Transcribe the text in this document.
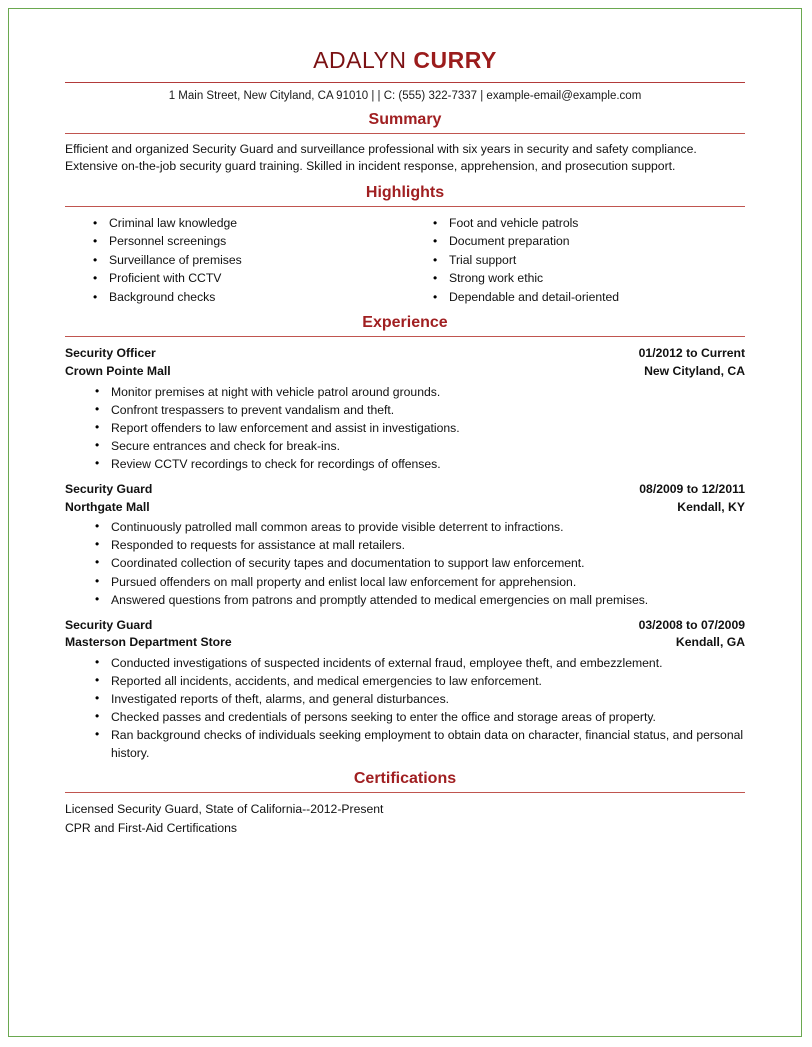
ADALYN CURRY
1 Main Street, New Cityland, CA 91010 | | C: (555) 322-7337 | example-email@example.com
Summary
Efficient and organized Security Guard and surveillance professional with six years in security and safety compliance. Extensive on-the-job security guard training. Skilled in incident response, apprehension, and prosecution support.
Highlights
• Criminal law knowledge
• Personnel screenings
• Surveillance of premises
• Proficient with CCTV
• Background checks
• Foot and vehicle patrols
• Document preparation
• Trial support
• Strong work ethic
• Dependable and detail-oriented
Experience
Security Officer	01/2012 to Current
Crown Pointe Mall	New Cityland, CA
• Monitor premises at night with vehicle patrol around grounds.
• Confront trespassers to prevent vandalism and theft.
• Report offenders to law enforcement and assist in investigations.
• Secure entrances and check for break-ins.
• Review CCTV recordings to check for recordings of offenses.
Security Guard	08/2009 to 12/2011
Northgate Mall	Kendall, KY
• Continuously patrolled mall common areas to provide visible deterrent to infractions.
• Responded to requests for assistance at mall retailers.
• Coordinated collection of security tapes and documentation to support law enforcement.
• Pursued offenders on mall property and enlist local law enforcement for apprehension.
• Answered questions from patrons and promptly attended to medical emergencies on mall premises.
Security Guard	03/2008 to 07/2009
Masterson Department Store	Kendall, GA
• Conducted investigations of suspected incidents of external fraud, employee theft, and embezzlement.
• Reported all incidents, accidents, and medical emergencies to law enforcement.
• Investigated reports of theft, alarms, and general disturbances.
• Checked passes and credentials of persons seeking to enter the office and storage areas of property.
• Ran background checks of individuals seeking employment to obtain data on character, financial status, and personal history.
Certifications
Licensed Security Guard, State of California--2012-Present
CPR and First-Aid Certifications
